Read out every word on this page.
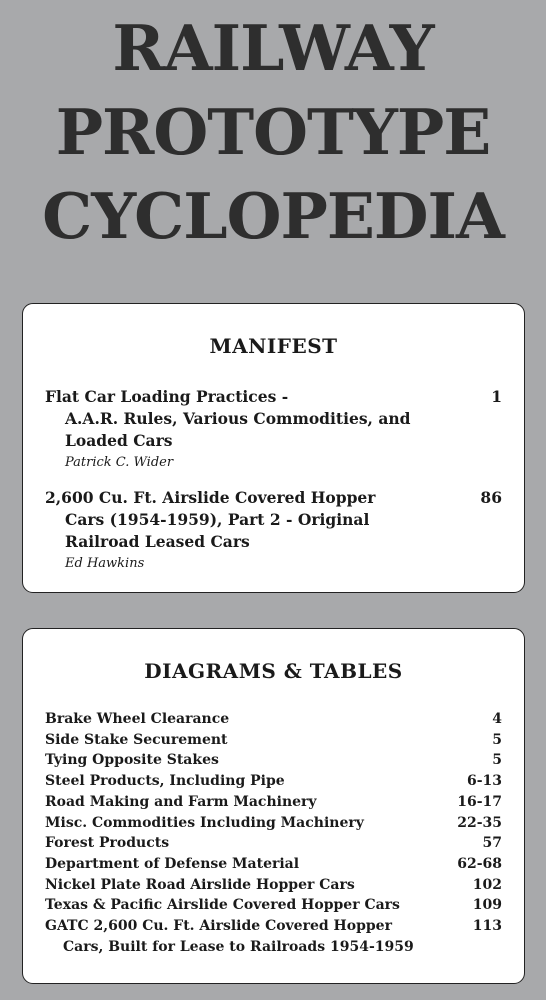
RAILWAY
PROTOTYPE
CYCLOPEDIA
MANIFEST
Flat Car Loading Practices -	1
A.A.R. Rules, Various Commodities, and
Loaded Cars
Patrick C. Wider
2,600 Cu. Ft. Airslide Covered Hopper	86
Cars (1954-1959), Part 2 - Original
Railroad Leased Cars
Ed Hawkins
DIAGRAMS & TABLES
Brake Wheel Clearance	4
Side Stake Securement	5
Tying Opposite Stakes	5
Steel Products, Including Pipe	6-13
Road Making and Farm Machinery	16-17
Misc. Commodities Including Machinery	22-35
Forest Products	57
Department of Defense Material	62-68
Nickel Plate Road Airslide Hopper Cars	102
Texas & Pacific Airslide Covered Hopper Cars	109
GATC 2,600 Cu. Ft. Airslide Covered Hopper	113
Cars, Built for Lease to Railroads 1954-1959
